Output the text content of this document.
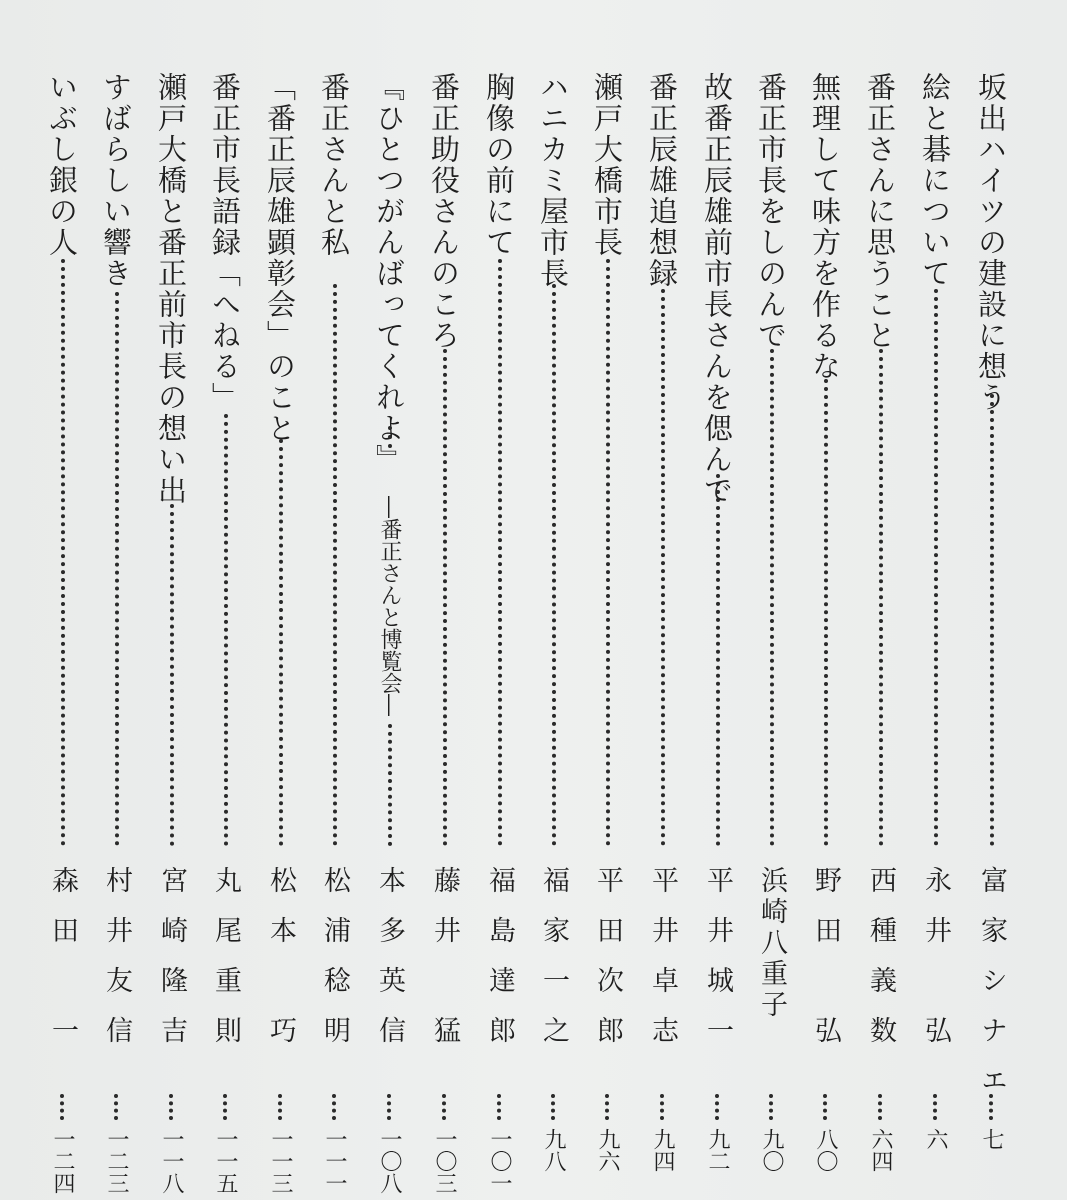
坂出ハイツの建設に想う
富家シナエ
七
絵と碁について
永井　弘
六
番正さんに思うこと
西種義数
六四
無理して味方を作るな
野田　弘
八〇
番正市長をしのんで
浜崎八重子
九〇
故番正辰雄前市長さんを偲んで
平井城一
九二
番正辰雄追想録
平井卓志
九四
瀬戸大橋市長
平田次郎
九六
ハニカミ屋市長
福家一之
九八
胸像の前にて
福島達郎
一〇一
番正助役さんのころ
藤井　猛
一〇三
『ひとつがんばってくれよ』
―番正さんと博覧会―
本多英信
一〇八
番正さんと私
松浦稔明
一一一
「番正辰雄顕彰会」のこと
松本　巧
一一三
番正市長語録「へねる」
丸尾重則
一一五
瀬戸大橋と番正前市長の想い出
宮崎隆吉
一一八
すばらしい響き
村井友信
一二三
いぶし銀の人
森田　一
一二四
